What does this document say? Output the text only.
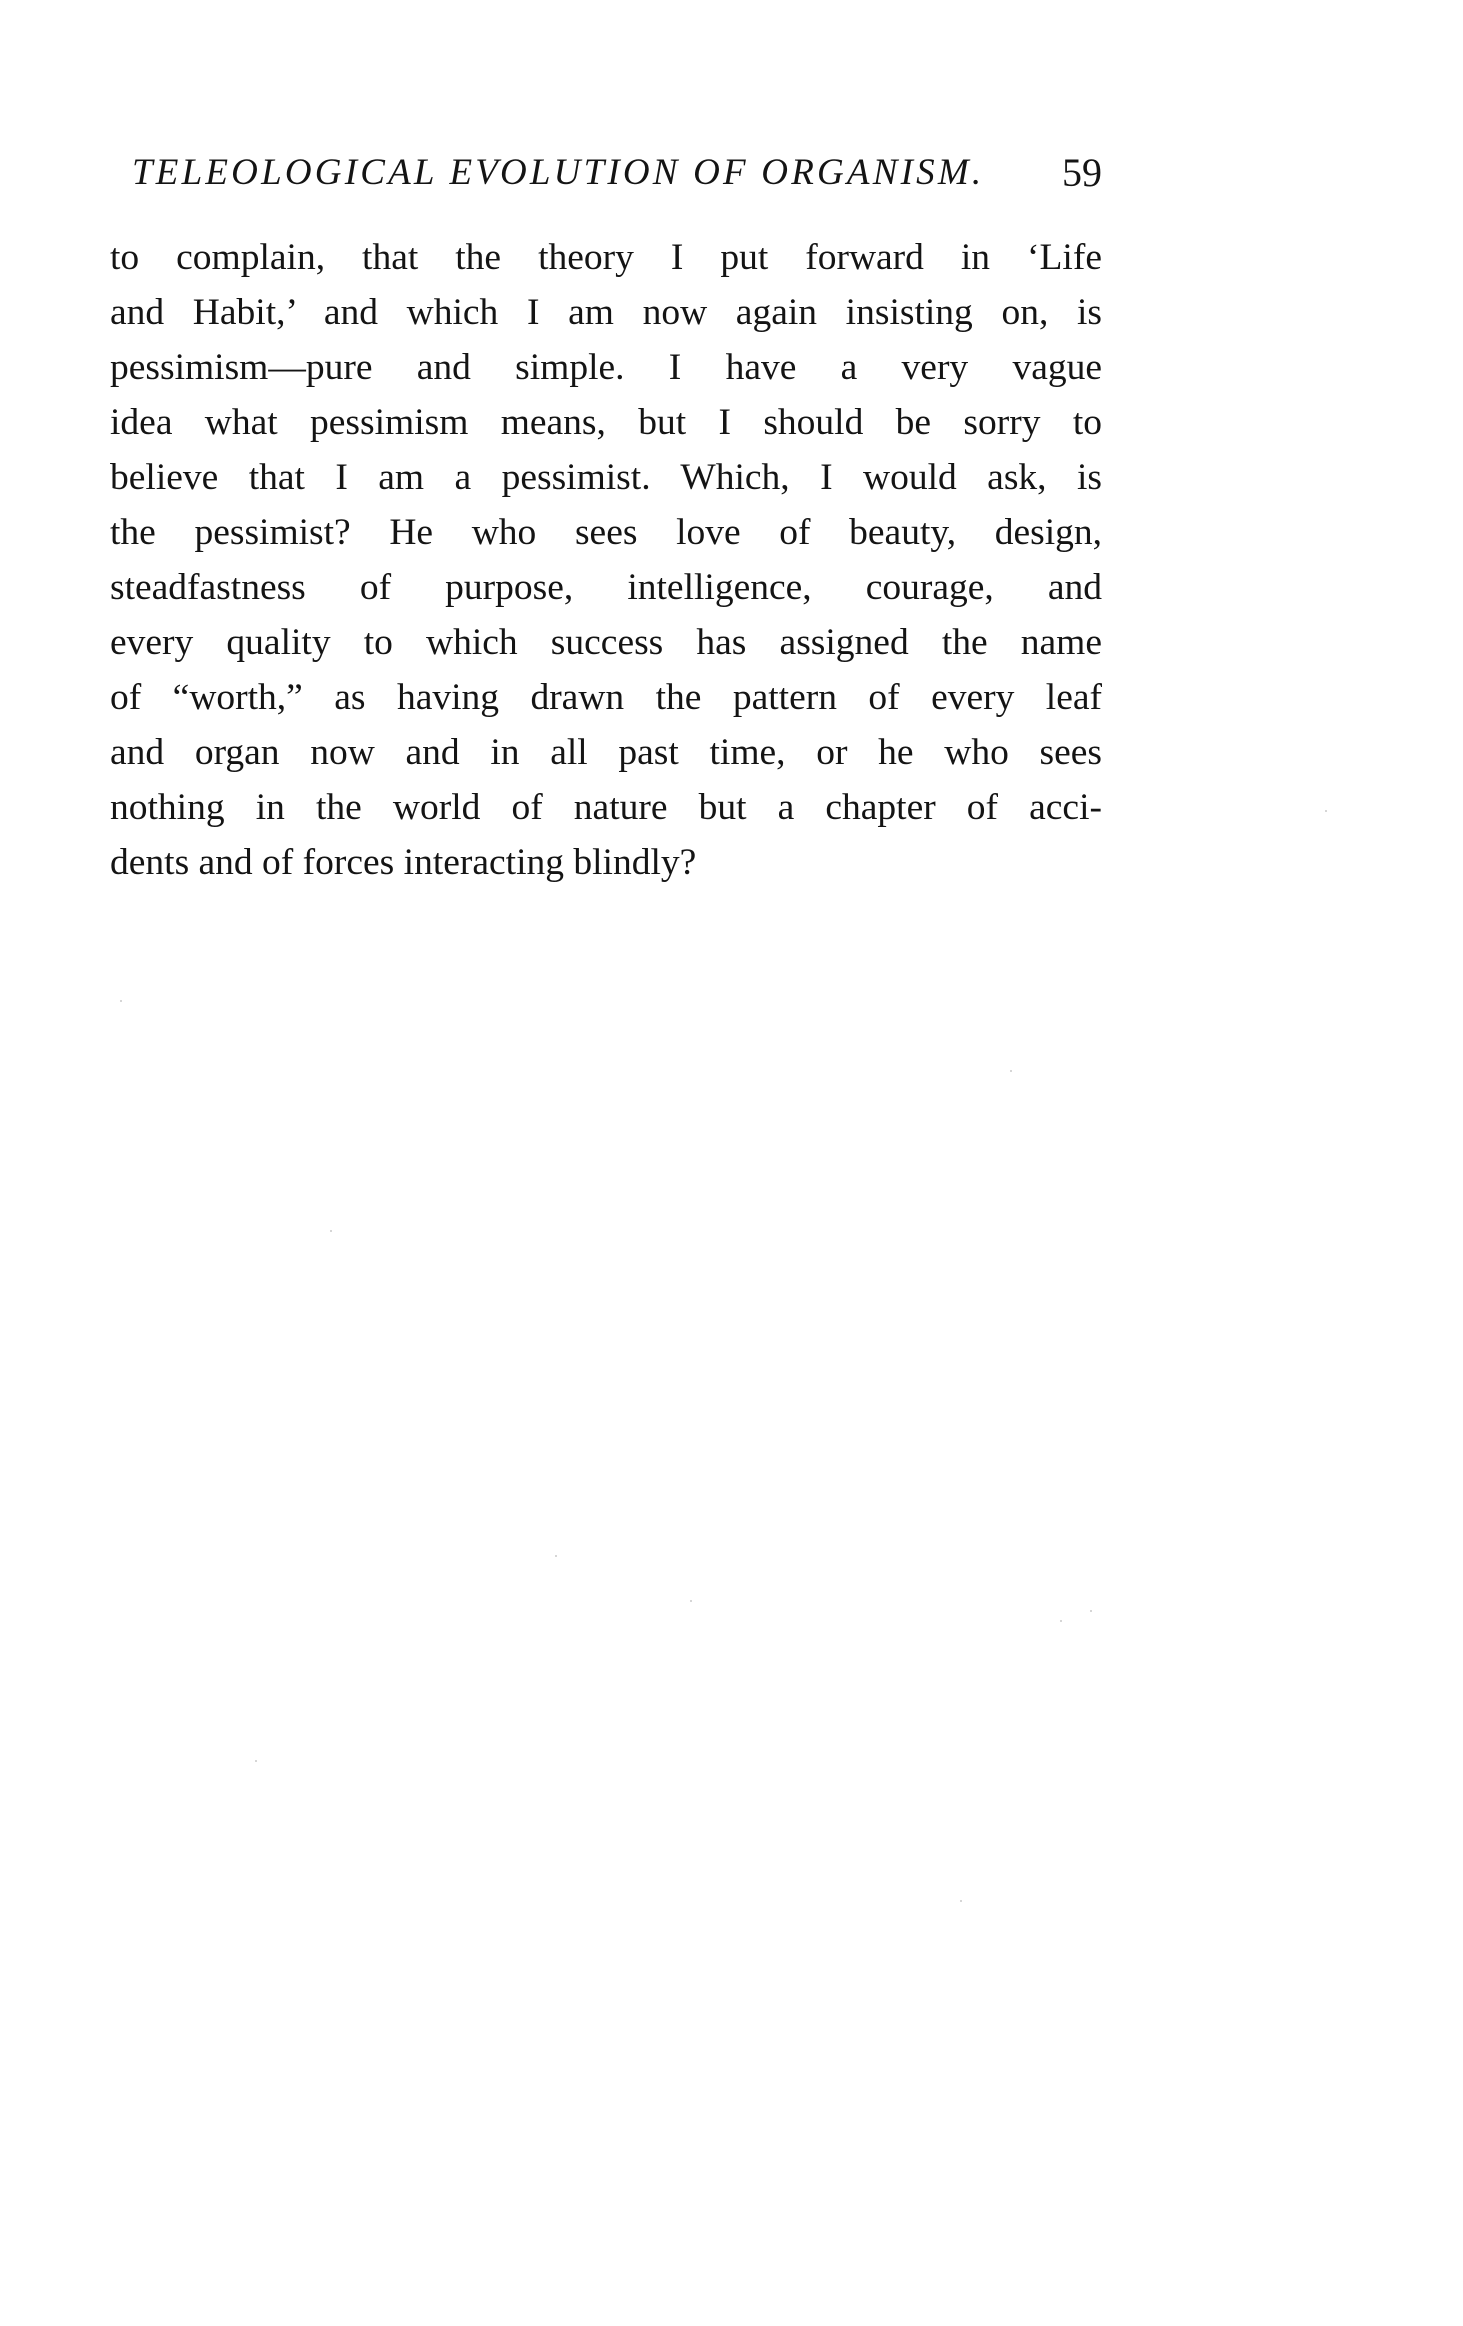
TELEOLOGICAL EVOLUTION OF ORGANISM. 59
to complain, that the theory I put forward in ‘Life
and Habit,’ and which I am now again insisting on, is
pessimism—pure and simple. I have a very vague
idea what pessimism means, but I should be sorry to
believe that I am a pessimist. Which, I would ask, is
the pessimist? He who sees love of beauty, design,
steadfastness of purpose, intelligence, courage, and
every quality to which success has assigned the name
of “worth,” as having drawn the pattern of every leaf
and organ now and in all past time, or he who sees
nothing in the world of nature but a chapter of acci-
dents and of forces interacting blindly?
